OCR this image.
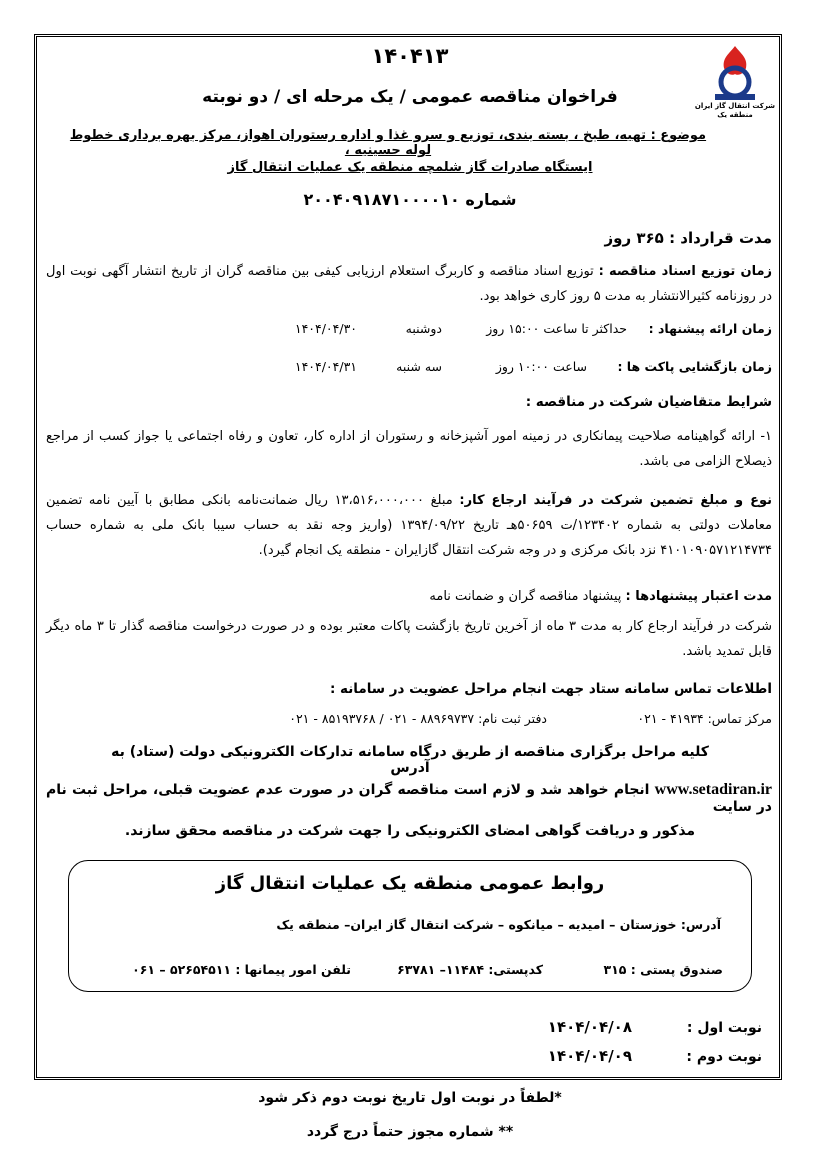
شرکت انتقال گاز ایران
منطقه یک
۱۴۰۴۱۳
فراخوان مناقصه عمومی / یک مرحله ای / دو نوبته
موضوع : تهیه، طبخ ، بسته بندی، توزیع و سرو غذا و اداره رستوران اهواز، مرکز بهره برداری خطوط لوله حسینیه ،
ایستگاه صادرات گاز شلمچه منطقه یک عملیات انتقال گاز
شماره ۲۰۰۴۰۹۱۸۷۱۰۰۰۰۱۰
مدت قرارداد : ۳۶۵ روز
زمان توزیع اسناد مناقصه : توزیع اسناد مناقصه و کاربرگ استعلام ارزیابی کیفی بین مناقصه گران از تاریخ انتشار آگهی نوبت اول در روزنامه کثیرالانتشار به مدت ۵ روز کاری خواهد بود.
زمان ارائه پیشنهاد :
حداکثر تا ساعت ۱۵:۰۰ روز
دوشنبه
۱۴۰۴/۰۴/۳۰
زمان بازگشایی پاکت ها :
ساعت ۱۰:۰۰ روز
سه شنبه
۱۴۰۴/۰۴/۳۱
شرایط متقاضیان شرکت در مناقصه :
۱- ارائه گواهینامه صلاحیت پیمانکاری در زمینه امور آشپزخانه و رستوران از اداره کار، تعاون و رفاه اجتماعی یا جواز کسب از مراجع ذیصلاح الزامی می باشد.
نوع و مبلغ تضمین شرکت در فرآیند ارجاع کار: مبلغ ۱۳،۵۱۶،۰۰۰،۰۰۰ ریال ضمانت‌نامه بانکی مطابق با آیین نامه تضمین معاملات دولتی به شماره ۱۲۳۴۰۲/ت ۵۰۶۵۹هـ تاریخ ۱۳۹۴/۰۹/۲۲ (واریز وجه نقد به حساب سیبا بانک ملی به شماره حساب ۴۱۰۱۰۹۰۵۷۱۲۱۴۷۳۴ نزد بانک مرکزی و در وجه شرکت انتقال گازایران - منطقه یک انجام گیرد).
مدت اعتبار پیشنهادها : پیشنهاد مناقصه گران و ضمانت نامه
شرکت در فرآیند ارجاع کار به مدت ۳ ماه از آخرین تاریخ بازگشت پاکات معتبر بوده و در صورت درخواست مناقصه گذار تا ۳ ماه دیگر قابل تمدید باشد.
اطلاعات تماس سامانه ستاد جهت انجام مراحل عضویت در سامانه :
مرکز تماس: ۴۱۹۳۴ - ۰۲۱
دفتر ثبت نام: ۸۸۹۶۹۷۳۷ - ۰۲۱ / ۸۵۱۹۳۷۶۸ - ۰۲۱
کلیه مراحل برگزاری مناقصه از طریق درگاه سامانه تدارکات الکترونیکی دولت (ستاد) به آدرس
www.setadiran.ir انجام خواهد شد و لازم است مناقصه گران در صورت عدم عضویت قبلی، مراحل ثبت نام در سایت
مذکور و دریافت گواهی امضای الکترونیکی را جهت شرکت در مناقصه محقق سازند.
روابط عمومی منطقه یک عملیات انتقال گاز
آدرس: خوزستان – امیدیه – میانکوه – شرکت انتقال گاز ایران– منطقه یک
صندوق پستی : ۳۱۵
کدپستی: ۱۱۴۸۴– ۶۳۷۸۱
تلفن امور پیمانها : ۵۲۶۵۴۵۱۱ – ۰۶۱
نوبت اول :
۱۴۰۴/۰۴/۰۸
نوبت دوم :
۱۴۰۴/۰۴/۰۹
*لطفاً در نوبت اول تاریخ نوبت دوم ذکر شود
** شماره مجوز حتماً درج گردد
